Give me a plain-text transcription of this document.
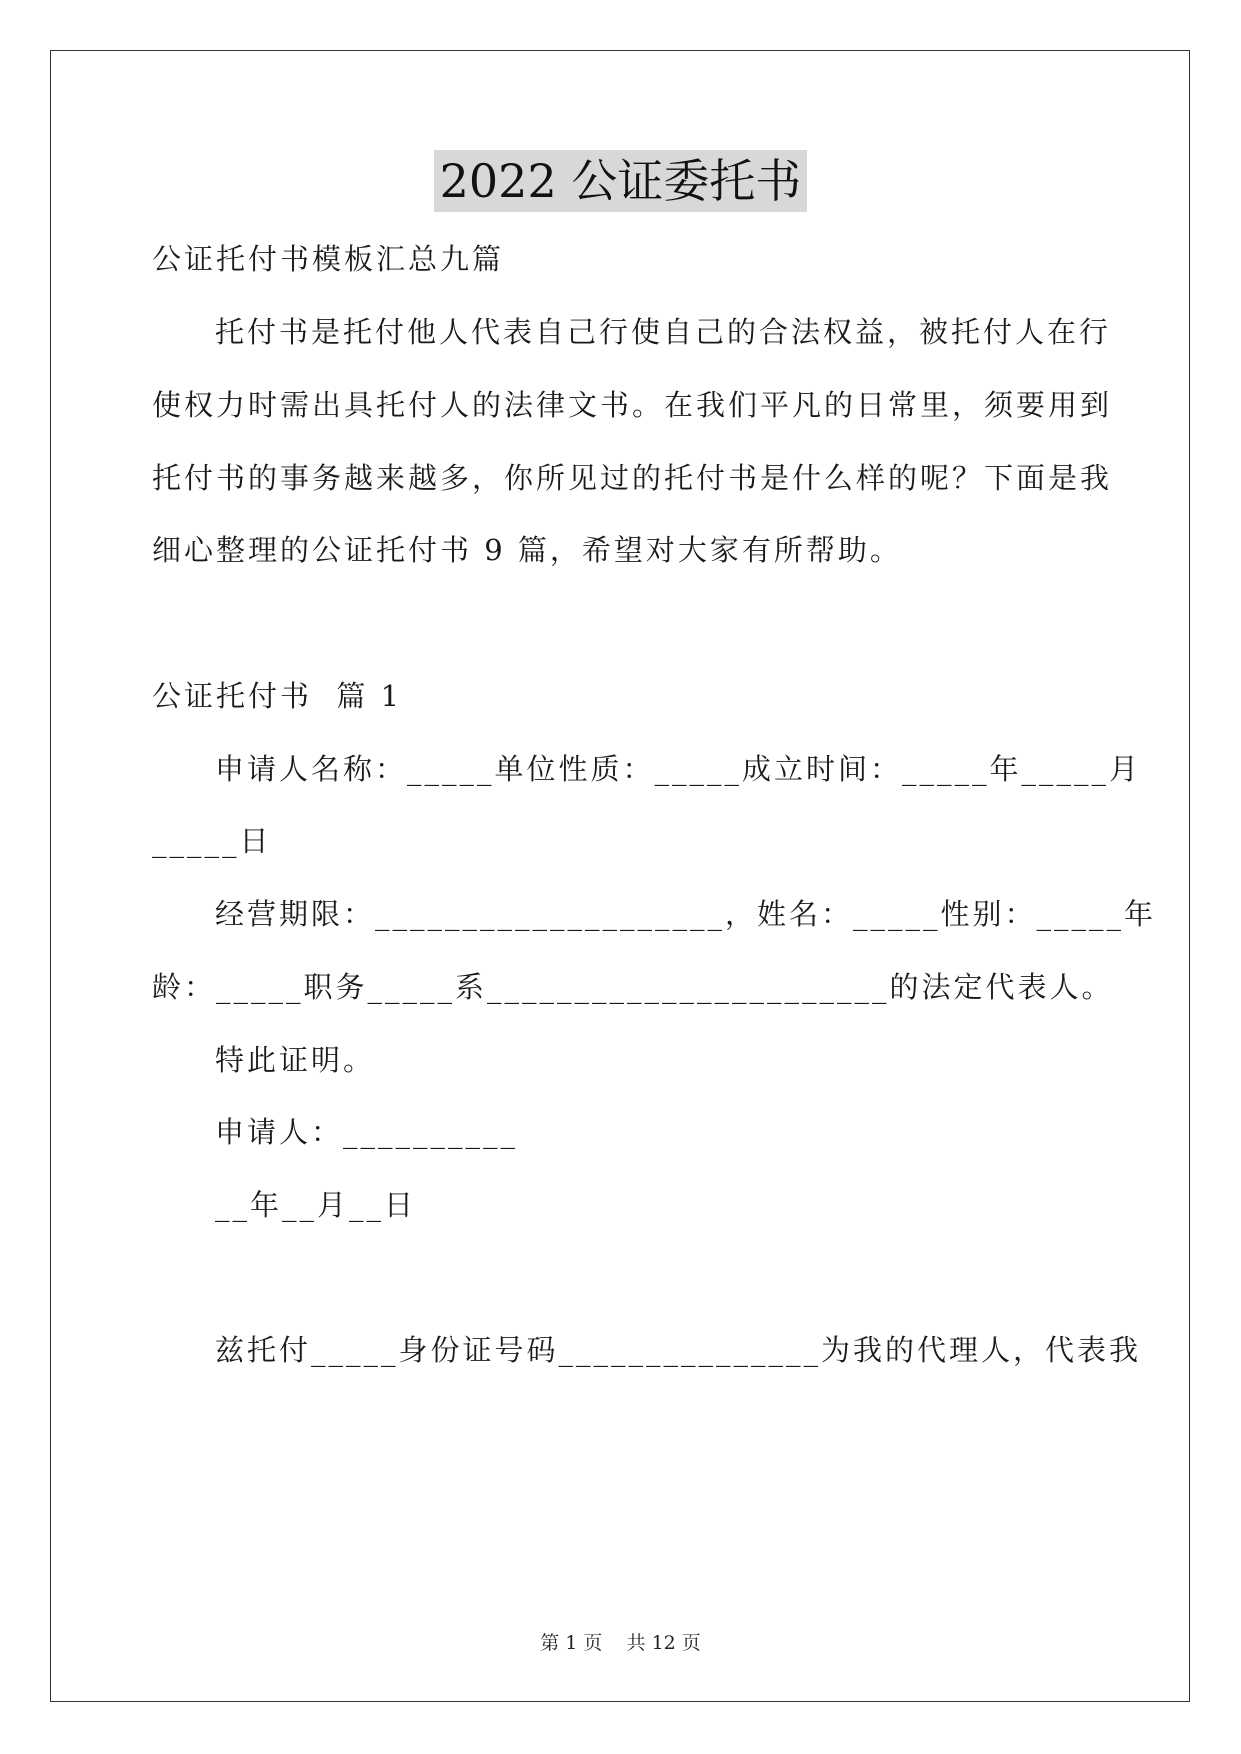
2022 公证委托书
公证托付书模板汇总九篇
托付书是托付他人代表自己行使自己的合法权益，被托付人在行
使权力时需出具托付人的法律文书。在我们平凡的日常里，须要用到
托付书的事务越来越多，你所见过的托付书是什么样的呢？下面是我
细心整理的公证托付书 9 篇，希望对大家有所帮助。
公证托付书  篇 1
申请人名称：_____单位性质：_____成立时间：_____年_____月
_____日
经营期限：____________________，姓名：_____性别：_____年
龄：_____职务_____系_______________________的法定代表人。
特此证明。
申请人：__________
__年__月__日
兹托付_____身份证号码_______________为我的代理人，代表我
第 1 页    共 12 页
